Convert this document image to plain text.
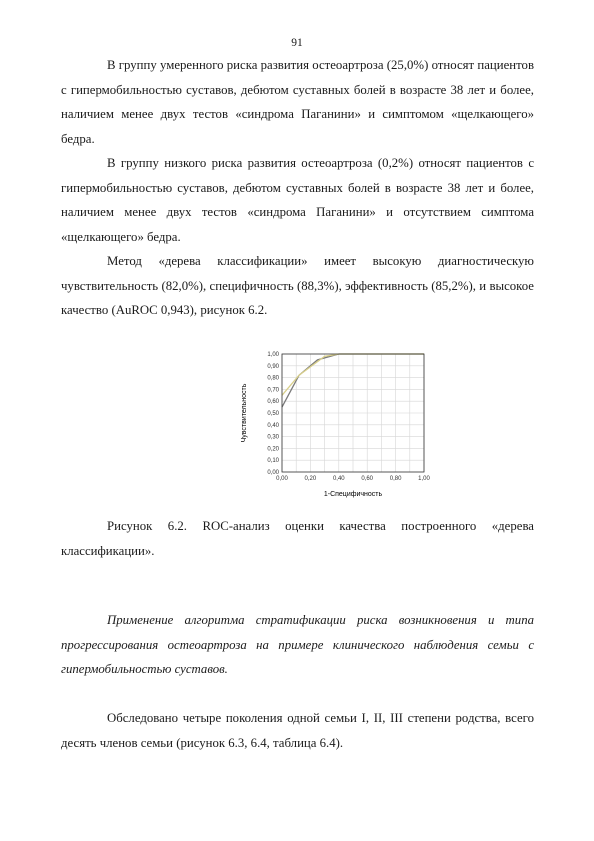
91

В группу умеренного риска развития остеоартроза (25,0%) относят пациентов с гипермобильностью суставов, дебютом суставных болей в возрасте 38 лет и более, наличием менее двух тестов «синдрома Паганини» и симптомом «щелкающего» бедра.

В группу низкого риска развития остеоартроза (0,2%) относят пациентов с гипермобильностью суставов, дебютом суставных болей в возрасте 38 лет и более, наличием менее двух тестов «синдрома Паганини» и отсутствием симптома «щелкающего» бедра.

Метод «дерева классификации» имеет высокую диагностическую чувствительность (82,0%), специфичность (88,3%), эффективность (85,2%), и высокое качество (AuROC 0,943), рисунок 6.2.

0,00
0,10
0,20
0,30
0,40
0,50
0,60
0,70
0,80
0,90
1,00
0,00	0,20	0,40	0,60	0,80	1,00
1-Специфичность
Чувствительность

Рисунок 6.2. ROC-анализ оценки качества построенного «дерева классификации».

Применение алгоритма стратификации риска возникновения и типа прогрессирования остеоартроза на примере клинического наблюдения семьи с гипермобильностью суставов.

Обследовано четыре поколения одной семьи I, II, III степени родства, всего десять членов семьи (рисунок 6.3, 6.4, таблица 6.4).
